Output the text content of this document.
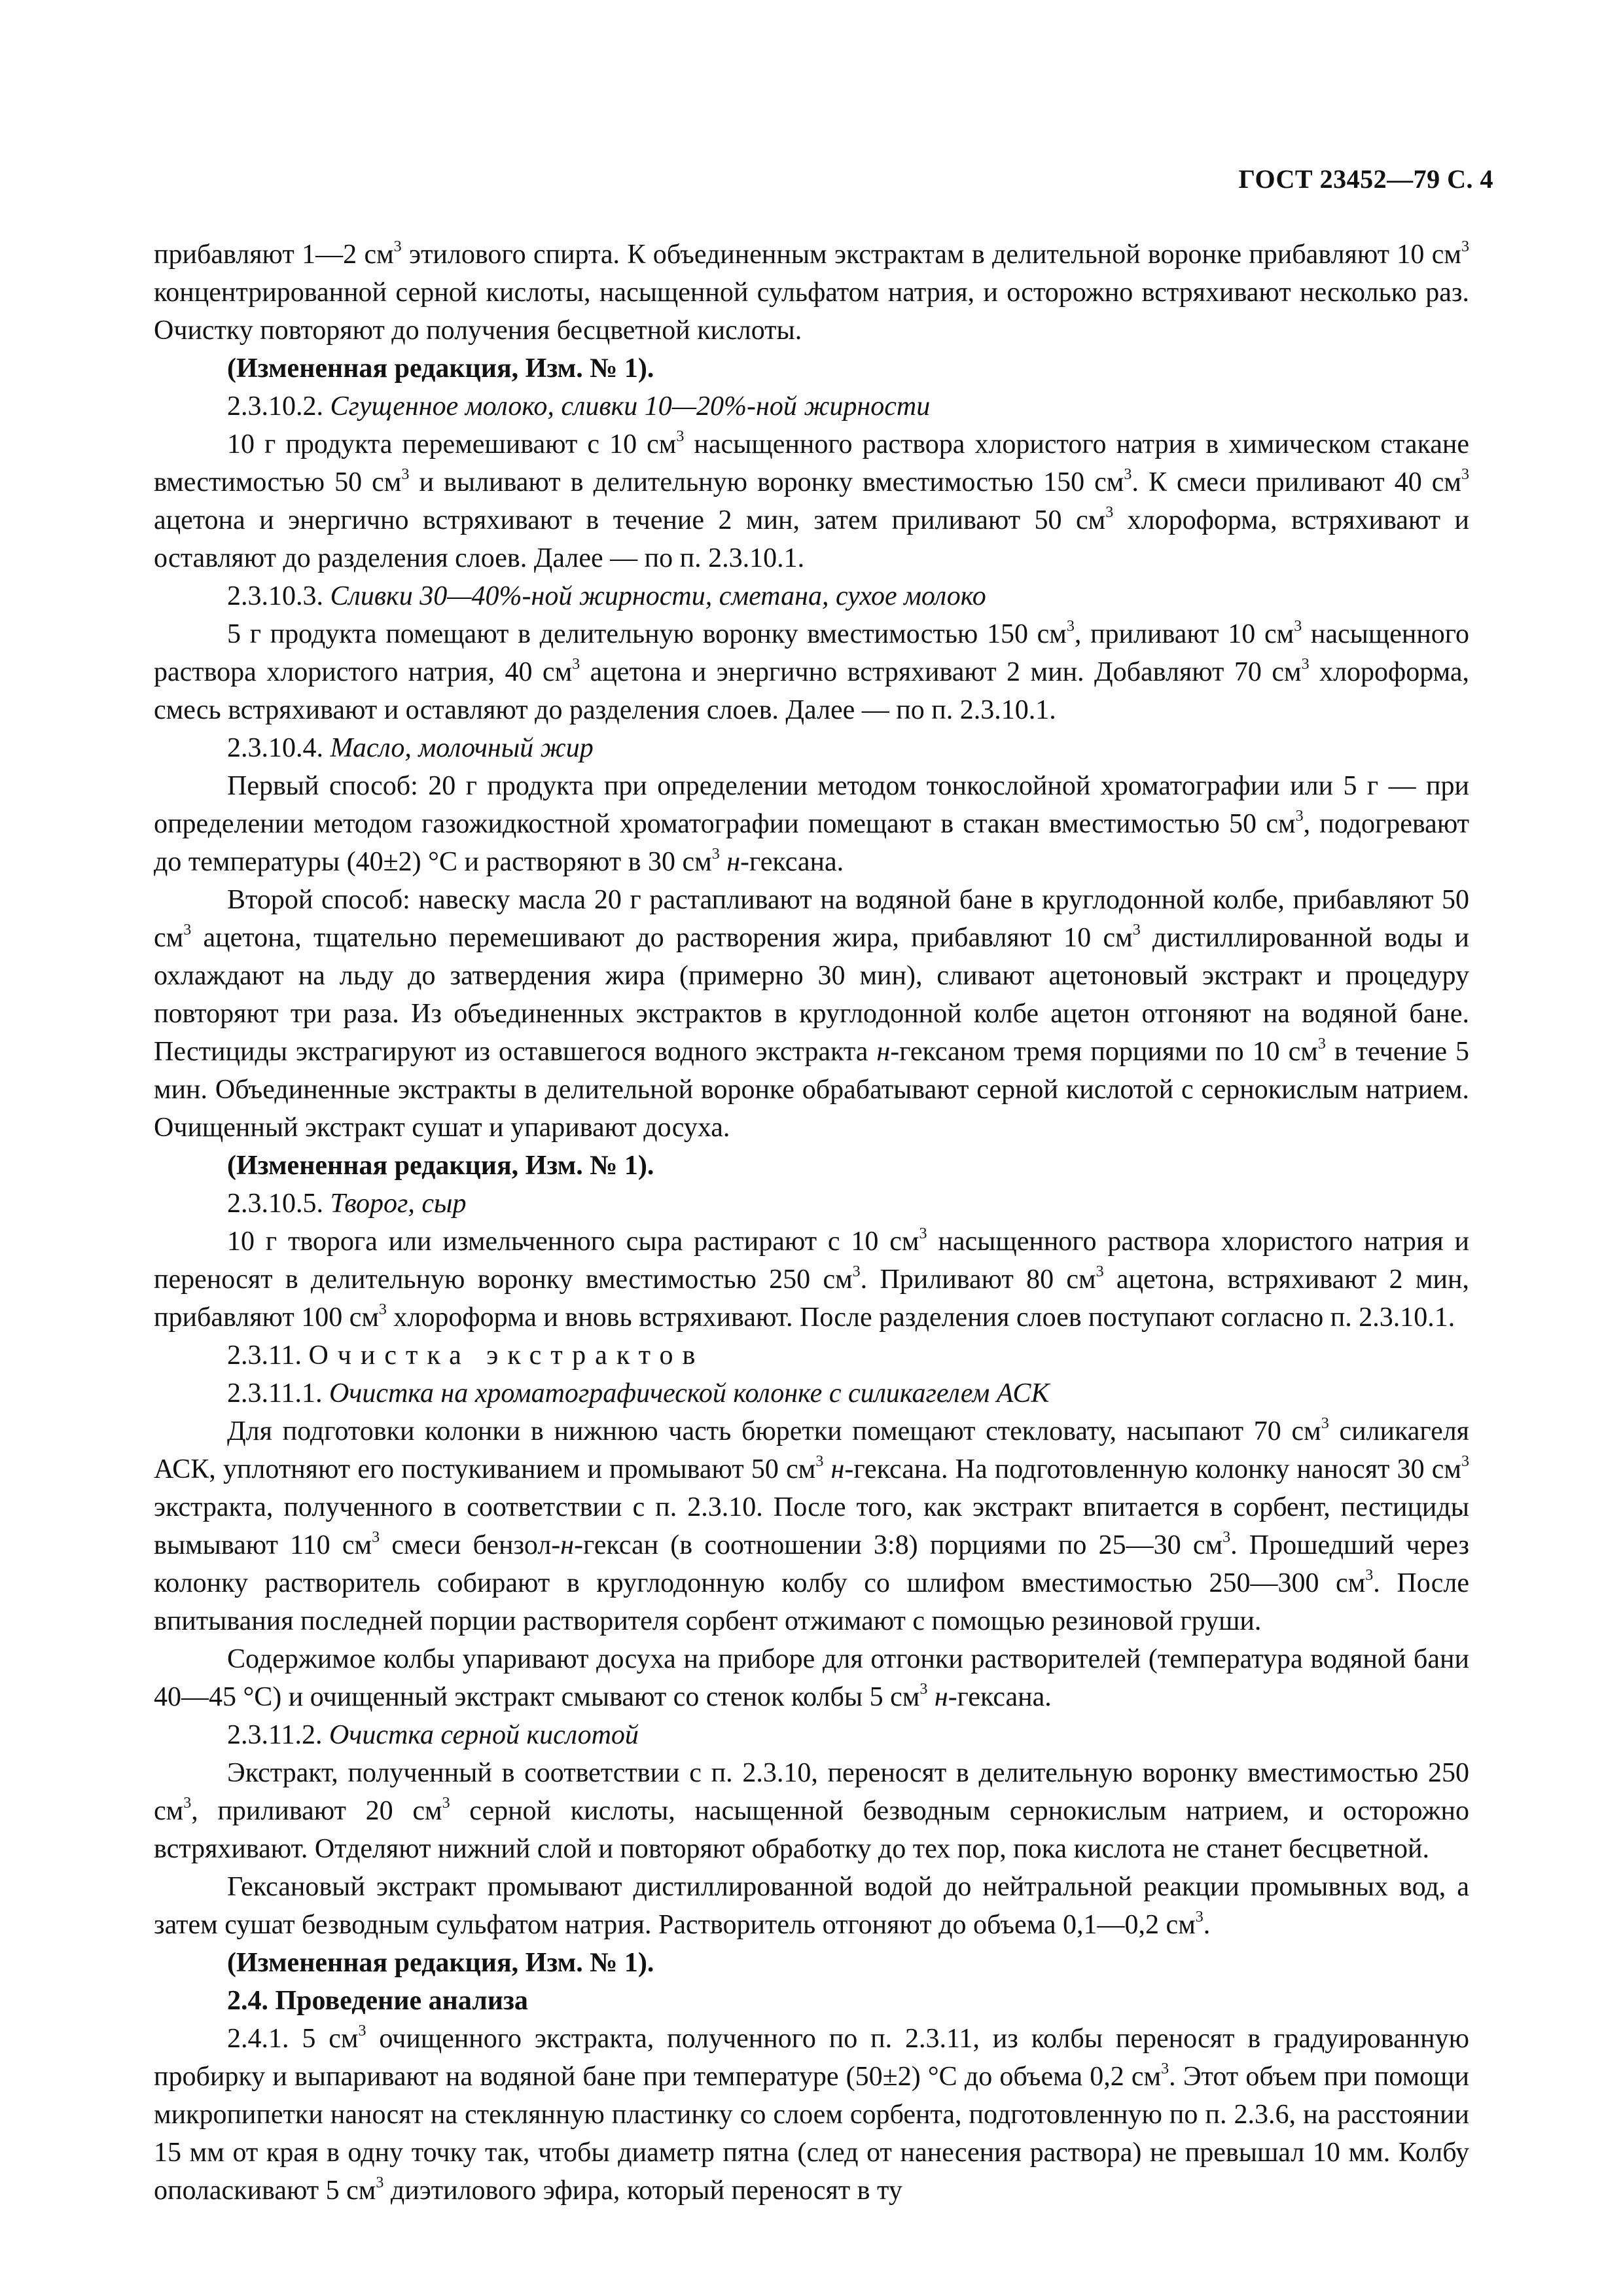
ГОСТ 23452—79 С. 4

прибавляют 1—2 $см^3$ этилового спирта. К объединенным экстрактам в делительной воронке прибавляют 10 $см^3$ концентрированной серной кислоты, насыщенной сульфатом натрия, и осторожно встряхивают несколько раз. Очистку повторяют до получения бесцветной кислоты.

(Измененная редакция, Изм. № 1).

2.3.10.2. Сгущенное молоко, сливки 10—20%-ной жирности

10 г продукта перемешивают с 10 $см^3$ насыщенного раствора хлористого натрия в химическом стакане вместимостью 50 $см^3$ и выливают в делительную воронку вместимостью 150 $см^3$. К смеси приливают 40 $см^3$ ацетона и энергично встряхивают в течение 2 мин, затем приливают 50 $см^3$ хлороформа, встряхивают и оставляют до разделения слоев. Далее — по п. 2.3.10.1.

2.3.10.3. Сливки 30—40%-ной жирности, сметана, сухое молоко

5 г продукта помещают в делительную воронку вместимостью 150 $см^3$, приливают 10 $см^3$ насыщенного раствора хлористого натрия, 40 $см^3$ ацетона и энергично встряхивают 2 мин. Добавляют 70 $см^3$ хлороформа, смесь встряхивают и оставляют до разделения слоев. Далее — по п. 2.3.10.1.

2.3.10.4. Масло, молочный жир

Первый способ: 20 г продукта при определении методом тонкослойной хроматографии или 5 г — при определении методом газожидкостной хроматографии помещают в стакан вместимостью 50 $см^3$, подогревают до температуры (40±2) °С и растворяют в 30 $см^3$ н-гексана.

Второй способ: навеску масла 20 г растапливают на водяной бане в круглодонной колбе, прибавляют 50 $см^3$ ацетона, тщательно перемешивают до растворения жира, прибавляют 10 $см^3$ дистиллированной воды и охлаждают на льду до затвердения жира (примерно 30 мин), сливают ацетоновый экстракт и процедуру повторяют три раза. Из объединенных экстрактов в круглодонной колбе ацетон отгоняют на водяной бане. Пестициды экстрагируют из оставшегося водного экстракта н-гексаном тремя порциями по 10 $см^3$ в течение 5 мин. Объединенные экстракты в делительной воронке обрабатывают серной кислотой с сернокислым натрием. Очищенный экстракт сушат и упаривают досуха.

(Измененная редакция, Изм. № 1).

2.3.10.5. Творог, сыр

10 г творога или измельченного сыра растирают с 10 $см^3$ насыщенного раствора хлористого натрия и переносят в делительную воронку вместимостью 250 $см^3$. Приливают 80 $см^3$ ацетона, встряхивают 2 мин, прибавляют 100 $см^3$ хлороформа и вновь встряхивают. После разделения слоев поступают согласно п. 2.3.10.1.

2.3.11. Очистка экстрактов

2.3.11.1. Очистка на хроматографической колонке с силикагелем АСК

Для подготовки колонки в нижнюю часть бюретки помещают стекловату, насыпают 70 $см^3$ силикагеля АСК, уплотняют его постукиванием и промывают 50 $см^3$ н-гексана. На подготовленную колонку наносят 30 $см^3$ экстракта, полученного в соответствии с п. 2.3.10. После того, как экстракт впитается в сорбент, пестициды вымывают 110 $см^3$ смеси бензол-н-гексан (в соотношении 3:8) порциями по 25—30 $см^3$. Прошедший через колонку растворитель собирают в круглодонную колбу со шлифом вместимостью 250—300 $см^3$. После впитывания последней порции растворителя сорбент отжимают с помощью резиновой груши.

Содержимое колбы упаривают досуха на приборе для отгонки растворителей (температура водяной бани 40—45 °С) и очищенный экстракт смывают со стенок колбы 5 $см^3$ н-гексана.

2.3.11.2. Очистка серной кислотой

Экстракт, полученный в соответствии с п. 2.3.10, переносят в делительную воронку вместимостью 250 $см^3$, приливают 20 $см^3$ серной кислоты, насыщенной безводным сернокислым натрием, и осторожно встряхивают. Отделяют нижний слой и повторяют обработку до тех пор, пока кислота не станет бесцветной.

Гексановый экстракт промывают дистиллированной водой до нейтральной реакции промывных вод, а затем сушат безводным сульфатом натрия. Растворитель отгоняют до объема 0,1—0,2 $см^3$.

(Измененная редакция, Изм. № 1).

2.4. Проведение анализа

2.4.1. 5 $см^3$ очищенного экстракта, полученного по п. 2.3.11, из колбы переносят в градуированную пробирку и выпаривают на водяной бане при температуре (50±2) °С до объема 0,2 $см^3$. Этот объем при помощи микропипетки наносят на стеклянную пластинку со слоем сорбента, подготовленную по п. 2.3.6, на расстоянии 15 мм от края в одну точку так, чтобы диаметр пятна (след от нанесения раствора) не превышал 10 мм. Колбу ополаскивают 5 $см^3$ диэтилового эфира, который переносят в ту
